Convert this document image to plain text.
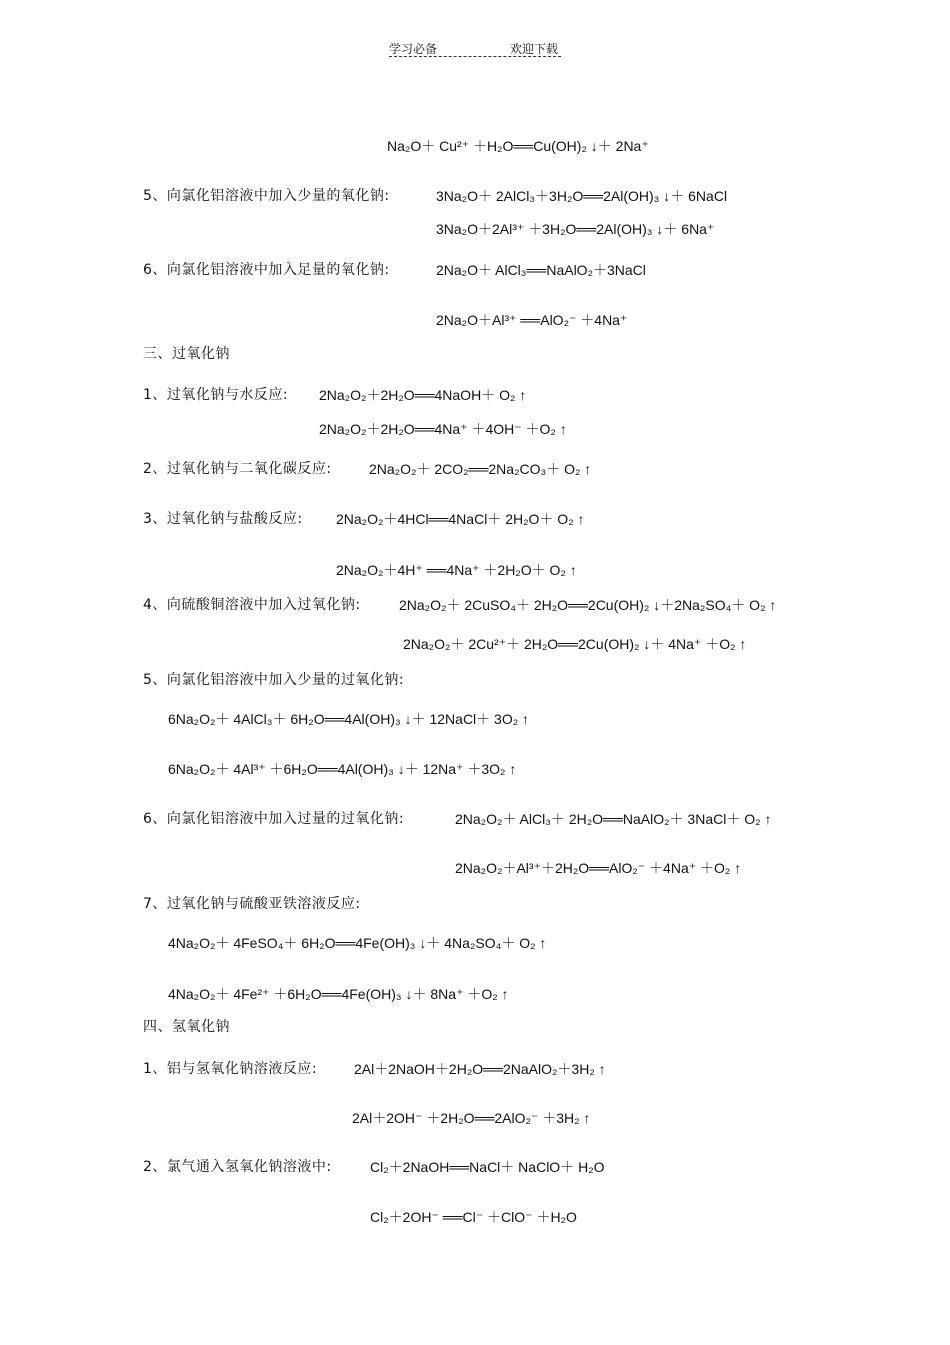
学习必备	欢迎下载
Na₂O＋ Cu²⁺ ＋H₂O══Cu(OH)₂ ↓＋ 2Na⁺
5、向氯化铝溶液中加入少量的氧化钠:	3Na₂O＋ 2AlCl₃＋3H₂O══2Al(OH)₃ ↓＋ 6NaCl
3Na₂O＋2Al³⁺ ＋3H₂O══2Al(OH)₃ ↓＋ 6Na⁺
6、向氯化铝溶液中加入足量的氧化钠:	2Na₂O＋ AlCl₃══NaAlO₂＋3NaCl
2Na₂O＋Al³⁺ ══AlO₂⁻ ＋4Na⁺
三、过氧化钠
1、过氧化钠与水反应: 2Na₂O₂＋2H₂O══4NaOH＋ O₂ ↑
2Na₂O₂＋2H₂O══4Na⁺ ＋4OH⁻ ＋O₂ ↑
2、过氧化钠与二氧化碳反应:	2Na₂O₂＋ 2CO₂══2Na₂CO₃＋ O₂ ↑
3、过氧化钠与盐酸反应: 2Na₂O₂＋4HCl══4NaCl＋ 2H₂O＋ O₂ ↑
2Na₂O₂＋4H⁺ ══4Na⁺ ＋2H₂O＋ O₂ ↑
4、向硫酸铜溶液中加入过氧化钠:	2Na₂O₂＋ 2CuSO₄＋ 2H₂O══2Cu(OH)₂ ↓＋2Na₂SO₄＋ O₂ ↑
2Na₂O₂＋ 2Cu²⁺＋ 2H₂O══2Cu(OH)₂ ↓＋ 4Na⁺ ＋O₂ ↑
5、向氯化铝溶液中加入少量的过氧化钠:
6Na₂O₂＋ 4AlCl₃＋ 6H₂O══4Al(OH)₃ ↓＋ 12NaCl＋ 3O₂ ↑
6Na₂O₂＋ 4Al³⁺ ＋6H₂O══4Al(OH)₃ ↓＋ 12Na⁺ ＋3O₂ ↑
6、向氯化铝溶液中加入过量的过氧化钠:	2Na₂O₂＋ AlCl₃＋ 2H₂O══NaAlO₂＋ 3NaCl＋ O₂ ↑
2Na₂O₂＋Al³⁺＋2H₂O══AlO₂⁻ ＋4Na⁺ ＋O₂ ↑
7、过氧化钠与硫酸亚铁溶液反应:
4Na₂O₂＋ 4FeSO₄＋ 6H₂O══4Fe(OH)₃ ↓＋ 4Na₂SO₄＋ O₂ ↑
4Na₂O₂＋ 4Fe²⁺ ＋6H₂O══4Fe(OH)₃ ↓＋ 8Na⁺ ＋O₂ ↑
四、氢氧化钠
1、铝与氢氧化钠溶液反应:	2Al＋2NaOH＋2H₂O══2NaAlO₂＋3H₂ ↑
2Al＋2OH⁻ ＋2H₂O══2AlO₂⁻ ＋3H₂ ↑
2、氯气通入氢氧化钠溶液中:	Cl₂＋2NaOH══NaCl＋ NaClO＋ H₂O
Cl₂＋2OH⁻ ══Cl⁻ ＋ClO⁻ ＋H₂O
